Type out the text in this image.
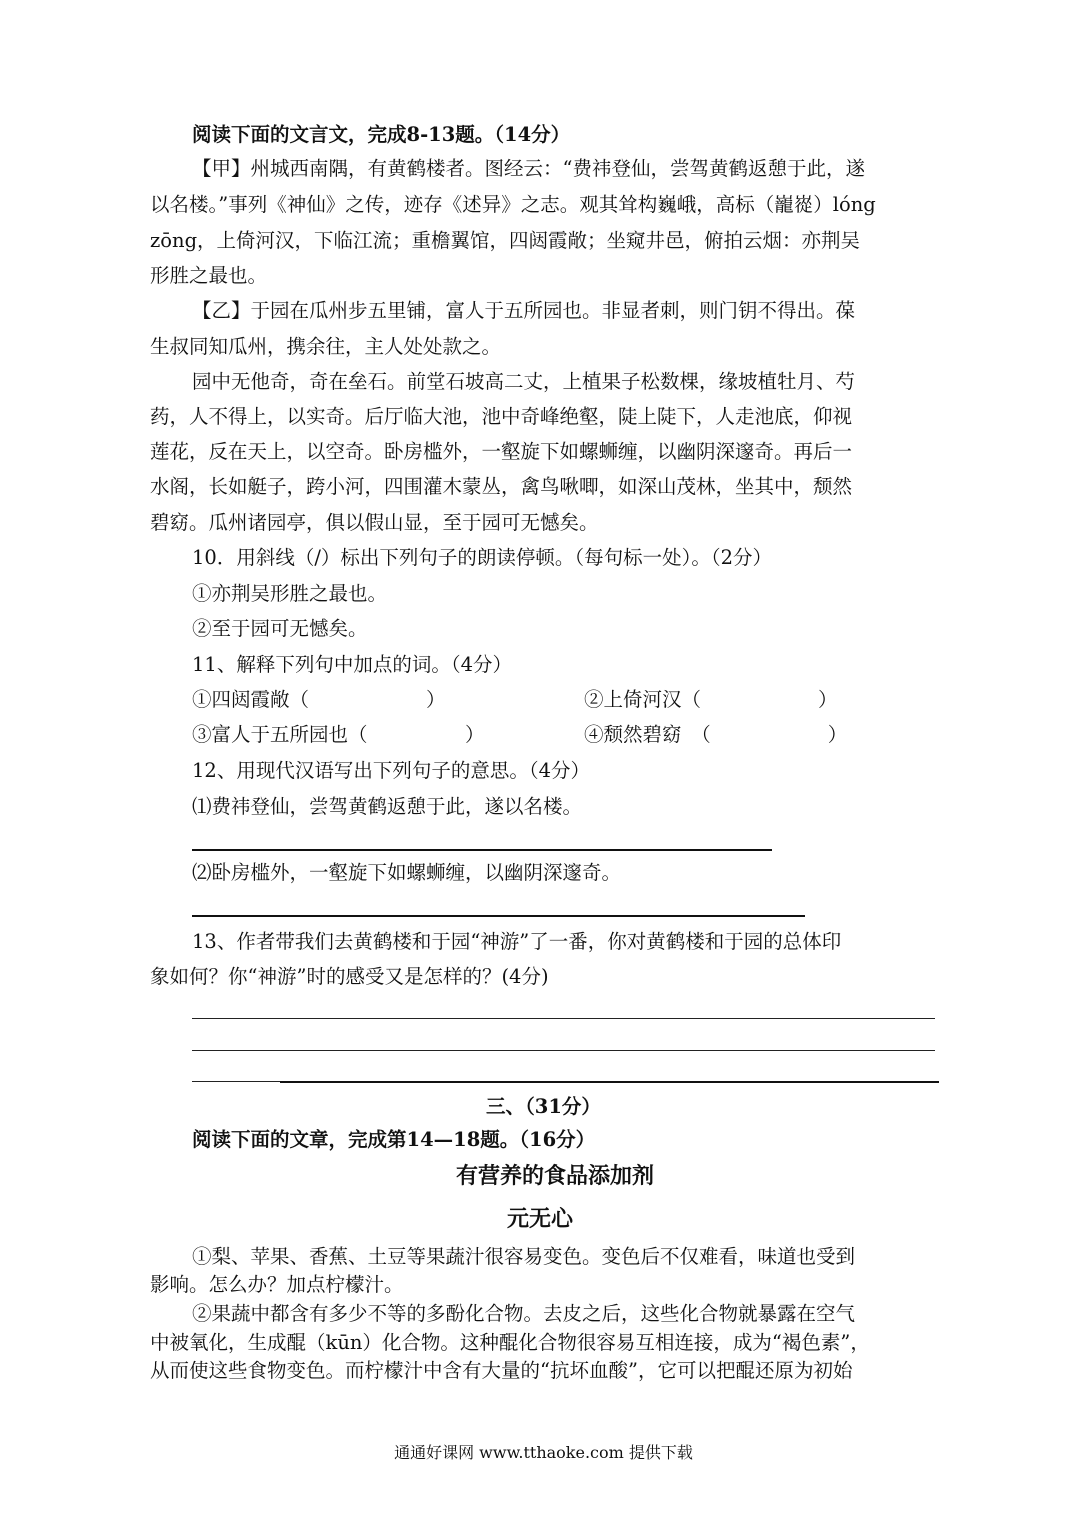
阅读下面的文言文，完成8-13题。（14分）
【甲】州城西南隅，有黄鹤楼者。图经云：“费祎登仙，尝驾黄鹤返憩于此，遂
以名楼。”事列《神仙》之传，迹存《述异》之志。观其耸构巍峨，高标（巃嵸）lóng
zōng，上倚河汉，下临江流；重檐翼馆，四闼霞敞；坐窥井邑，俯拍云烟：亦荆吴
形胜之最也。
【乙】于园在瓜州步五里铺，富人于五所园也。非显者刺，则门钥不得出。葆
生叔同知瓜州，携余往，主人处处款之。
园中无他奇，奇在垒石。前堂石坡高二丈，上植果子松数棵，缘坡植牡月、芍
药，人不得上，以实奇。后厅临大池，池中奇峰绝壑，陡上陡下，人走池底，仰视
莲花，反在天上，以空奇。卧房槛外，一壑旋下如螺蛳缠，以幽阴深邃奇。再后一
水阁，长如艇子，跨小河，四围灌木蒙丛，禽鸟啾唧，如深山茂林，坐其中，颓然
碧窈。瓜州诸园亭，俱以假山显，至于园可无憾矣。
10．用斜线（/）标出下列句子的朗读停顿。（每句标一处）。（2分）
①亦荆吴形胜之最也。
②至于园可无憾矣。
11、解释下列句中加点的词。（4分）
①四闼霞敞（　　　　　　）	②上倚河汉（　　　　　　）
③富人于五所园也（　　　　　）	④颓然碧窈　（　　　　　　）
12、用现代汉语写出下列句子的意思。（4分）
⑴费祎登仙，尝驾黄鹤返憩于此，遂以名楼。
⑵卧房槛外，一壑旋下如螺蛳缠，以幽阴深邃奇。
13、作者带我们去黄鹤楼和于园“神游”了一番，你对黄鹤楼和于园的总体印
象如何？你“神游”时的感受又是怎样的？(4分)
三、（31分）
阅读下面的文章，完成第14—18题。（16分）
有营养的食品添加剂
元无心
①梨、苹果、香蕉、土豆等果蔬汁很容易变色。变色后不仅难看，味道也受到
影响。怎么办？加点柠檬汁。
②果蔬中都含有多少不等的多酚化合物。去皮之后，这些化合物就暴露在空气
中被氧化，生成醌（kūn）化合物。这种醌化合物很容易互相连接，成为“褐色素”，
从而使这些食物变色。而柠檬汁中含有大量的“抗坏血酸”，它可以把醌还原为初始
通通好课网 www.tthaoke.com 提供下载
